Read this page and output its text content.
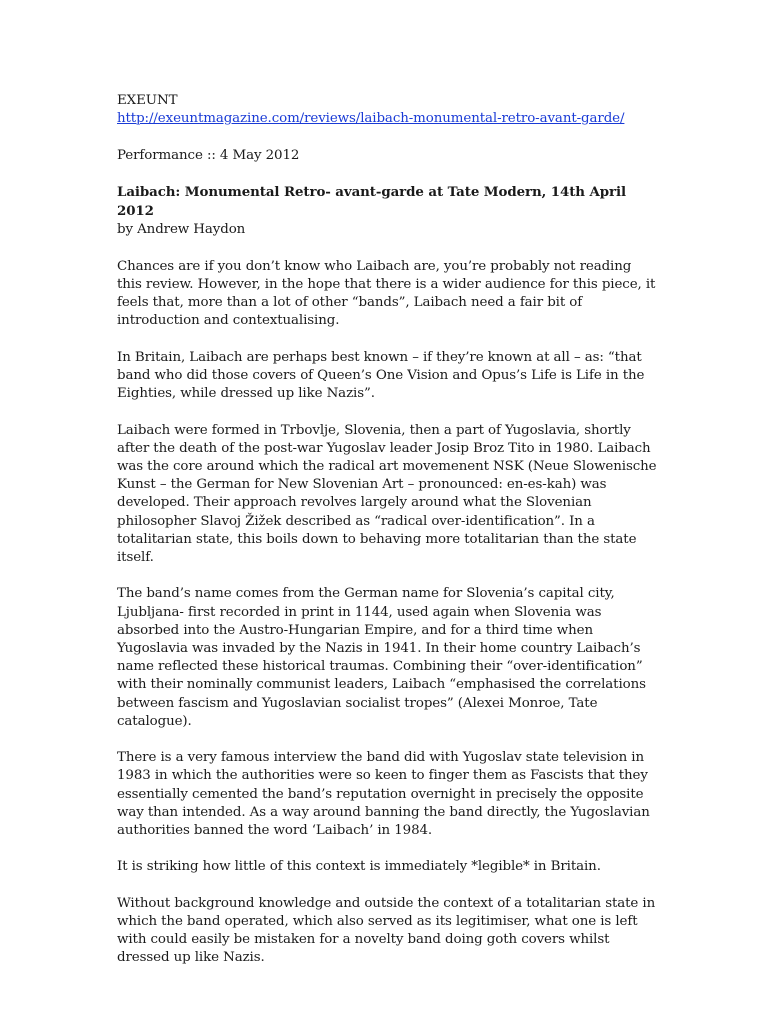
EXEUNT
http://exeuntmagazine.com/reviews/laibach-monumental-retro-avant-garde/

Performance :: 4 May 2012

Laibach: Monumental Retro- avant-garde at Tate Modern, 14th April 2012
by Andrew Haydon

Chances are if you don’t know who Laibach are, you’re probably not reading this review. However, in the hope that there is a wider audience for this piece, it feels that, more than a lot of other “bands”, Laibach need a fair bit of introduction and contextualising.

In Britain, Laibach are perhaps best known – if they’re known at all – as: “that band who did those covers of Queen’s One Vision and Opus’s Life is Life in the Eighties, while dressed up like Nazis”.

Laibach were formed in Trbovlje, Slovenia, then a part of Yugoslavia, shortly after the death of the post-war Yugoslav leader Josip Broz Tito in 1980. Laibach was the core around which the radical art movemenent NSK (Neue Slowenische Kunst – the German for New Slovenian Art – pronounced: en-es-kah) was developed. Their approach revolves largely around what the Slovenian philosopher Slavoj Žižek described as “radical over-identification”. In a totalitarian state, this boils down to behaving more totalitarian than the state itself.

The band’s name comes from the German name for Slovenia’s capital city, Ljubljana- first recorded in print in 1144, used again when Slovenia was absorbed into the Austro-Hungarian Empire, and for a third time when Yugoslavia was invaded by the Nazis in 1941. In their home country Laibach’s name reflected these historical traumas. Combining their “over-identification” with their nominally communist leaders, Laibach “emphasised the correlations between fascism and Yugoslavian socialist tropes” (Alexei Monroe, Tate catalogue).

There is a very famous interview the band did with Yugoslav state television in 1983 in which the authorities were so keen to finger them as Fascists that they essentially cemented the band’s reputation overnight in precisely the opposite way than intended. As a way around banning the band directly, the Yugoslavian authorities banned the word ‘Laibach’ in 1984.

It is striking how little of this context is immediately *legible* in Britain.

Without background knowledge and outside the context of a totalitarian state in which the band operated, which also served as its legitimiser, what one is left with could easily be mistaken for a novelty band doing goth covers whilst dressed up like Nazis.
